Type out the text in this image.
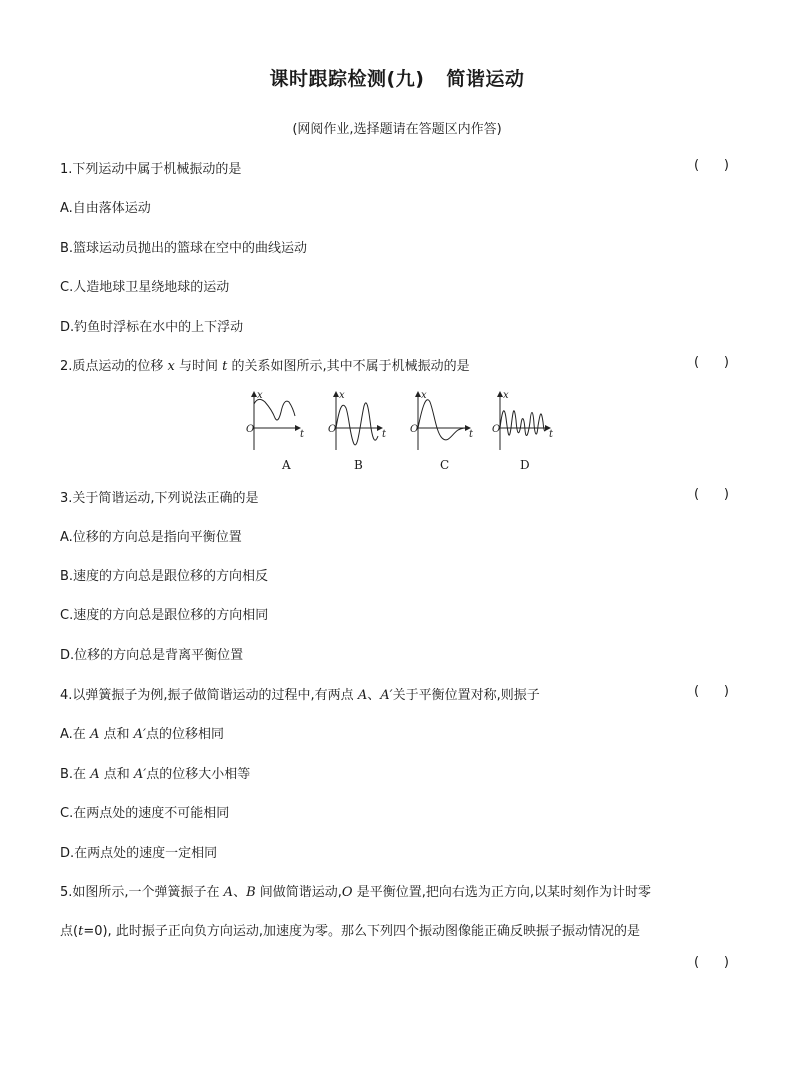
课时跟踪检测(九) 简谐运动
(网阅作业,选择题请在答题区内作答)
1.下列运动中属于机械振动的是	(      )
A.自由落体运动
B.篮球运动员抛出的篮球在空中的曲线运动
C.人造地球卫星绕地球的运动
D.钓鱼时浮标在水中的上下浮动
2.质点运动的位移 x 与时间 t 的关系如图所示,其中不属于机械振动的是	(      )
x
O	t
x
O	t
x
O	t
x
O	t
A	B	C	D
3.关于简谐运动,下列说法正确的是	(      )
A.位移的方向总是指向平衡位置
B.速度的方向总是跟位移的方向相反
C.速度的方向总是跟位移的方向相同
D.位移的方向总是背离平衡位置
4.以弹簧振子为例,振子做简谐运动的过程中,有两点 A、A′关于平衡位置对称,则振子	(      )
A.在 A 点和 A′点的位移相同
B.在 A 点和 A′点的位移大小相等
C.在两点处的速度不可能相同
D.在两点处的速度一定相同
5.如图所示,一个弹簧振子在 A、B 间做简谐运动,O 是平衡位置,把向右选为正方向,以某时刻作为计时零
点(t=0), 此时振子正向负方向运动,加速度为零。那么下列四个振动图像能正确反映振子振动情况的是
(      )
